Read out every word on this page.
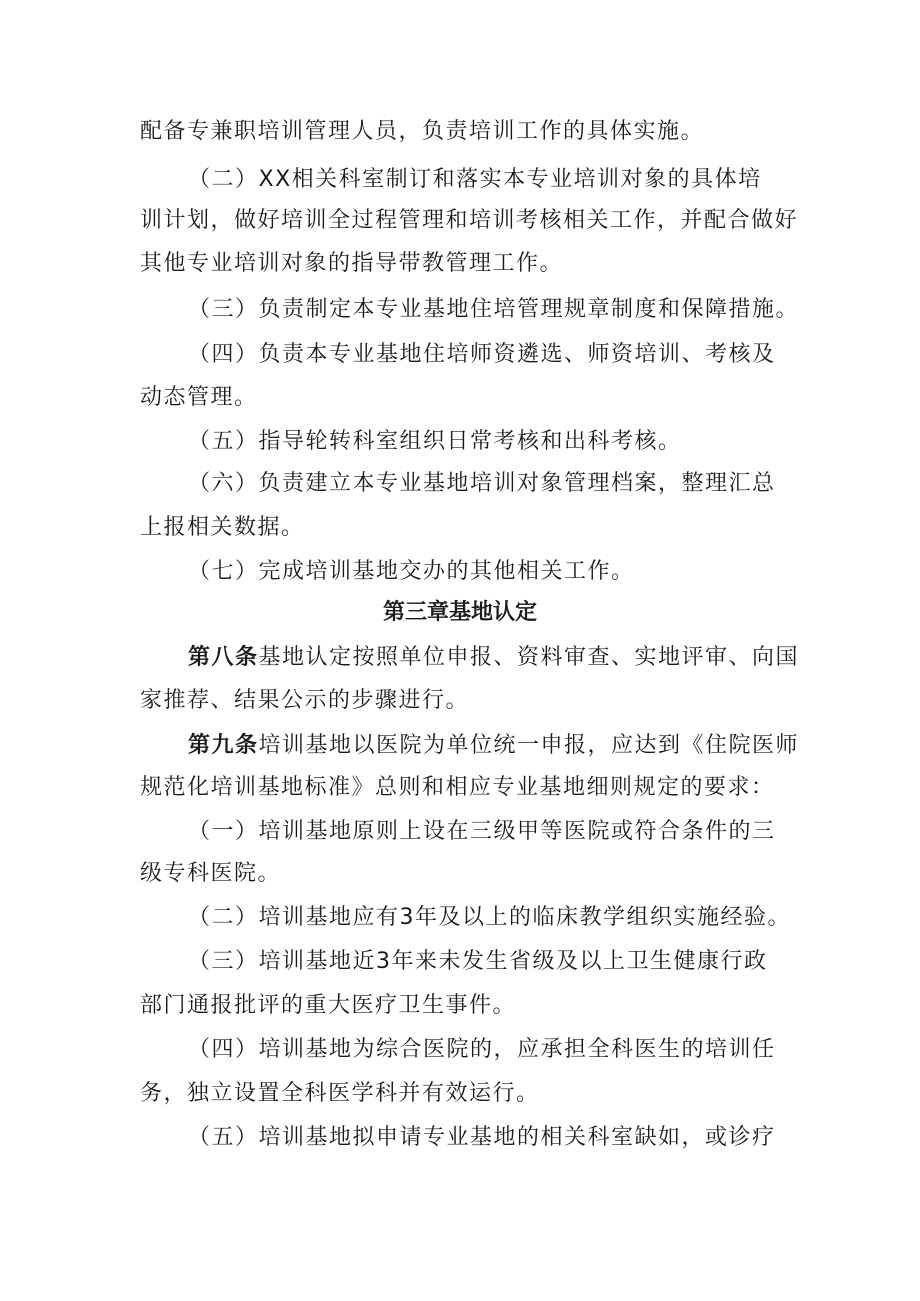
配备专兼职培训管理人员，负责培训工作的具体实施。
（二）XX相关科室制订和落实本专业培训对象的具体培
训计划，做好培训全过程管理和培训考核相关工作，并配合做好
其他专业培训对象的指导带教管理工作。
（三）负责制定本专业基地住培管理规章制度和保障措施。
（四）负责本专业基地住培师资遴选、师资培训、考核及
动态管理。
（五）指导轮转科室组织日常考核和出科考核。
（六）负责建立本专业基地培训对象管理档案，整理汇总
上报相关数据。
（七）完成培训基地交办的其他相关工作。
第三章基地认定
第八条基地认定按照单位申报、资料审查、实地评审、向国
家推荐、结果公示的步骤进行。
第九条培训基地以医院为单位统一申报，应达到《住院医师
规范化培训基地标准》总则和相应专业基地细则规定的要求：
（一）培训基地原则上设在三级甲等医院或符合条件的三
级专科医院。
（二）培训基地应有3年及以上的临床教学组织实施经验。
（三）培训基地近3年来未发生省级及以上卫生健康行政
部门通报批评的重大医疗卫生事件。
（四）培训基地为综合医院的，应承担全科医生的培训任
务，独立设置全科医学科并有效运行。
（五）培训基地拟申请专业基地的相关科室缺如，或诊疗
